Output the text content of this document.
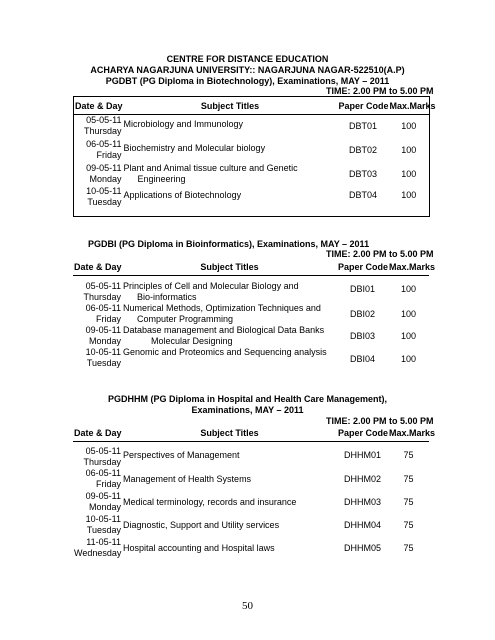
CENTRE FOR DISTANCE EDUCATION
ACHARYA NAGARJUNA UNIVERSITY:: NAGARJUNA NAGAR-522510(A.P)
PGDBT (PG Diploma in Biotechnology), Examinations, MAY – 2011
TIME: 2.00 PM to 5.00 PM
Date & Day	Subject Titles	Paper Code	Max.Marks

05-05-11
Thursday	Microbiology and Immunology	DBT01	100

06-05-11
Friday	Biochemistry and Molecular biology	DBT02	100

09-05-11
Monday	Plant and Animal tissue culture and Genetic
Engineering	DBT03	100

10-05-11
Tuesday	Applications of Biotechnology	DBT04	100
PGDBI (PG Diploma in Bioinformatics), Examinations, MAY – 2011
TIME: 2.00 PM to 5.00 PM
Date & Day	Subject Titles	Paper Code	Max.Marks

05-05-11
Thursday	Principles of Cell and Molecular Biology and
Bio-informatics	DBI01	100

06-05-11
Friday	Numerical Methods, Optimization Techniques and
Computer Programming	DBI02	100

09-05-11
Monday	Database management and Biological Data Banks
Molecular Designing	DBI03	100

10-05-11
Tuesday	Genomic and Proteomics and Sequencing analysis	DBI04	100
PGDHHM (PG Diploma in Hospital and Health Care Management),
Examinations, MAY – 2011
TIME: 2.00 PM to 5.00 PM
Date & Day	Subject Titles	Paper Code	Max.Marks

05-05-11
Thursday	Perspectives of Management	DHHM01	75

06-05-11
Friday	Management of Health Systems	DHHM02	75

09-05-11
Monday	Medical terminology, records and insurance	DHHM03	75

10-05-11
Tuesday	Diagnostic, Support and Utility services	DHHM04	75

11-05-11
Wednesday	Hospital accounting and Hospital laws	DHHM05	75
50
